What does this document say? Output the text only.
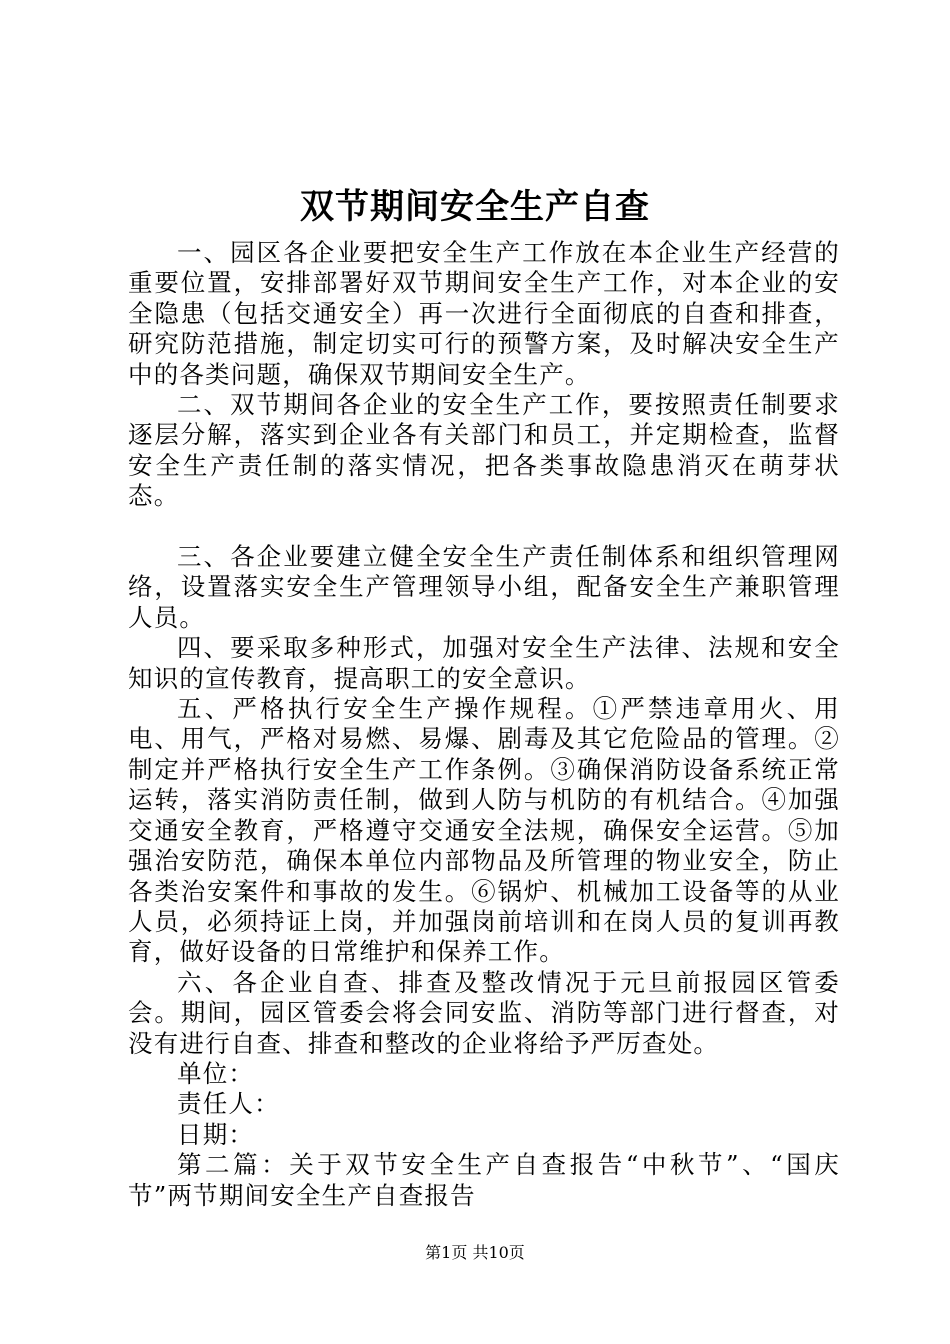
双节期间安全生产自查

一、园区各企业要把安全生产工作放在本企业生产经营的重要位置，安排部署好双节期间安全生产工作，对本企业的安全隐患（包括交通安全）再一次进行全面彻底的自查和排查，研究防范措施，制定切实可行的预警方案，及时解决安全生产中的各类问题，确保双节期间安全生产。

二、双节期间各企业的安全生产工作，要按照责任制要求逐层分解，落实到企业各有关部门和员工，并定期检查，监督安全生产责任制的落实情况，把各类事故隐患消灭在萌芽状态。

三、各企业要建立健全安全生产责任制体系和组织管理网络，设置落实安全生产管理领导小组，配备安全生产兼职管理人员。

四、要采取多种形式，加强对安全生产法律、法规和安全知识的宣传教育，提高职工的安全意识。

五、严格执行安全生产操作规程。①严禁违章用火、用电、用气，严格对易燃、易爆、剧毒及其它危险品的管理。②制定并严格执行安全生产工作条例。③确保消防设备系统正常运转，落实消防责任制，做到人防与机防的有机结合。④加强交通安全教育，严格遵守交通安全法规，确保安全运营。⑤加强治安防范，确保本单位内部物品及所管理的物业安全，防止各类治安案件和事故的发生。⑥锅炉、机械加工设备等的从业人员，必须持证上岗，并加强岗前培训和在岗人员的复训再教育，做好设备的日常维护和保养工作。

六、各企业自查、排查及整改情况于元旦前报园区管委会。期间，园区管委会将会同安监、消防等部门进行督查，对没有进行自查、排查和整改的企业将给予严厉查处。

单位：

责任人：

日期：

第二篇：关于双节安全生产自查报告“中秋节”、“国庆节”两节期间安全生产自查报告

第1页 共10页
